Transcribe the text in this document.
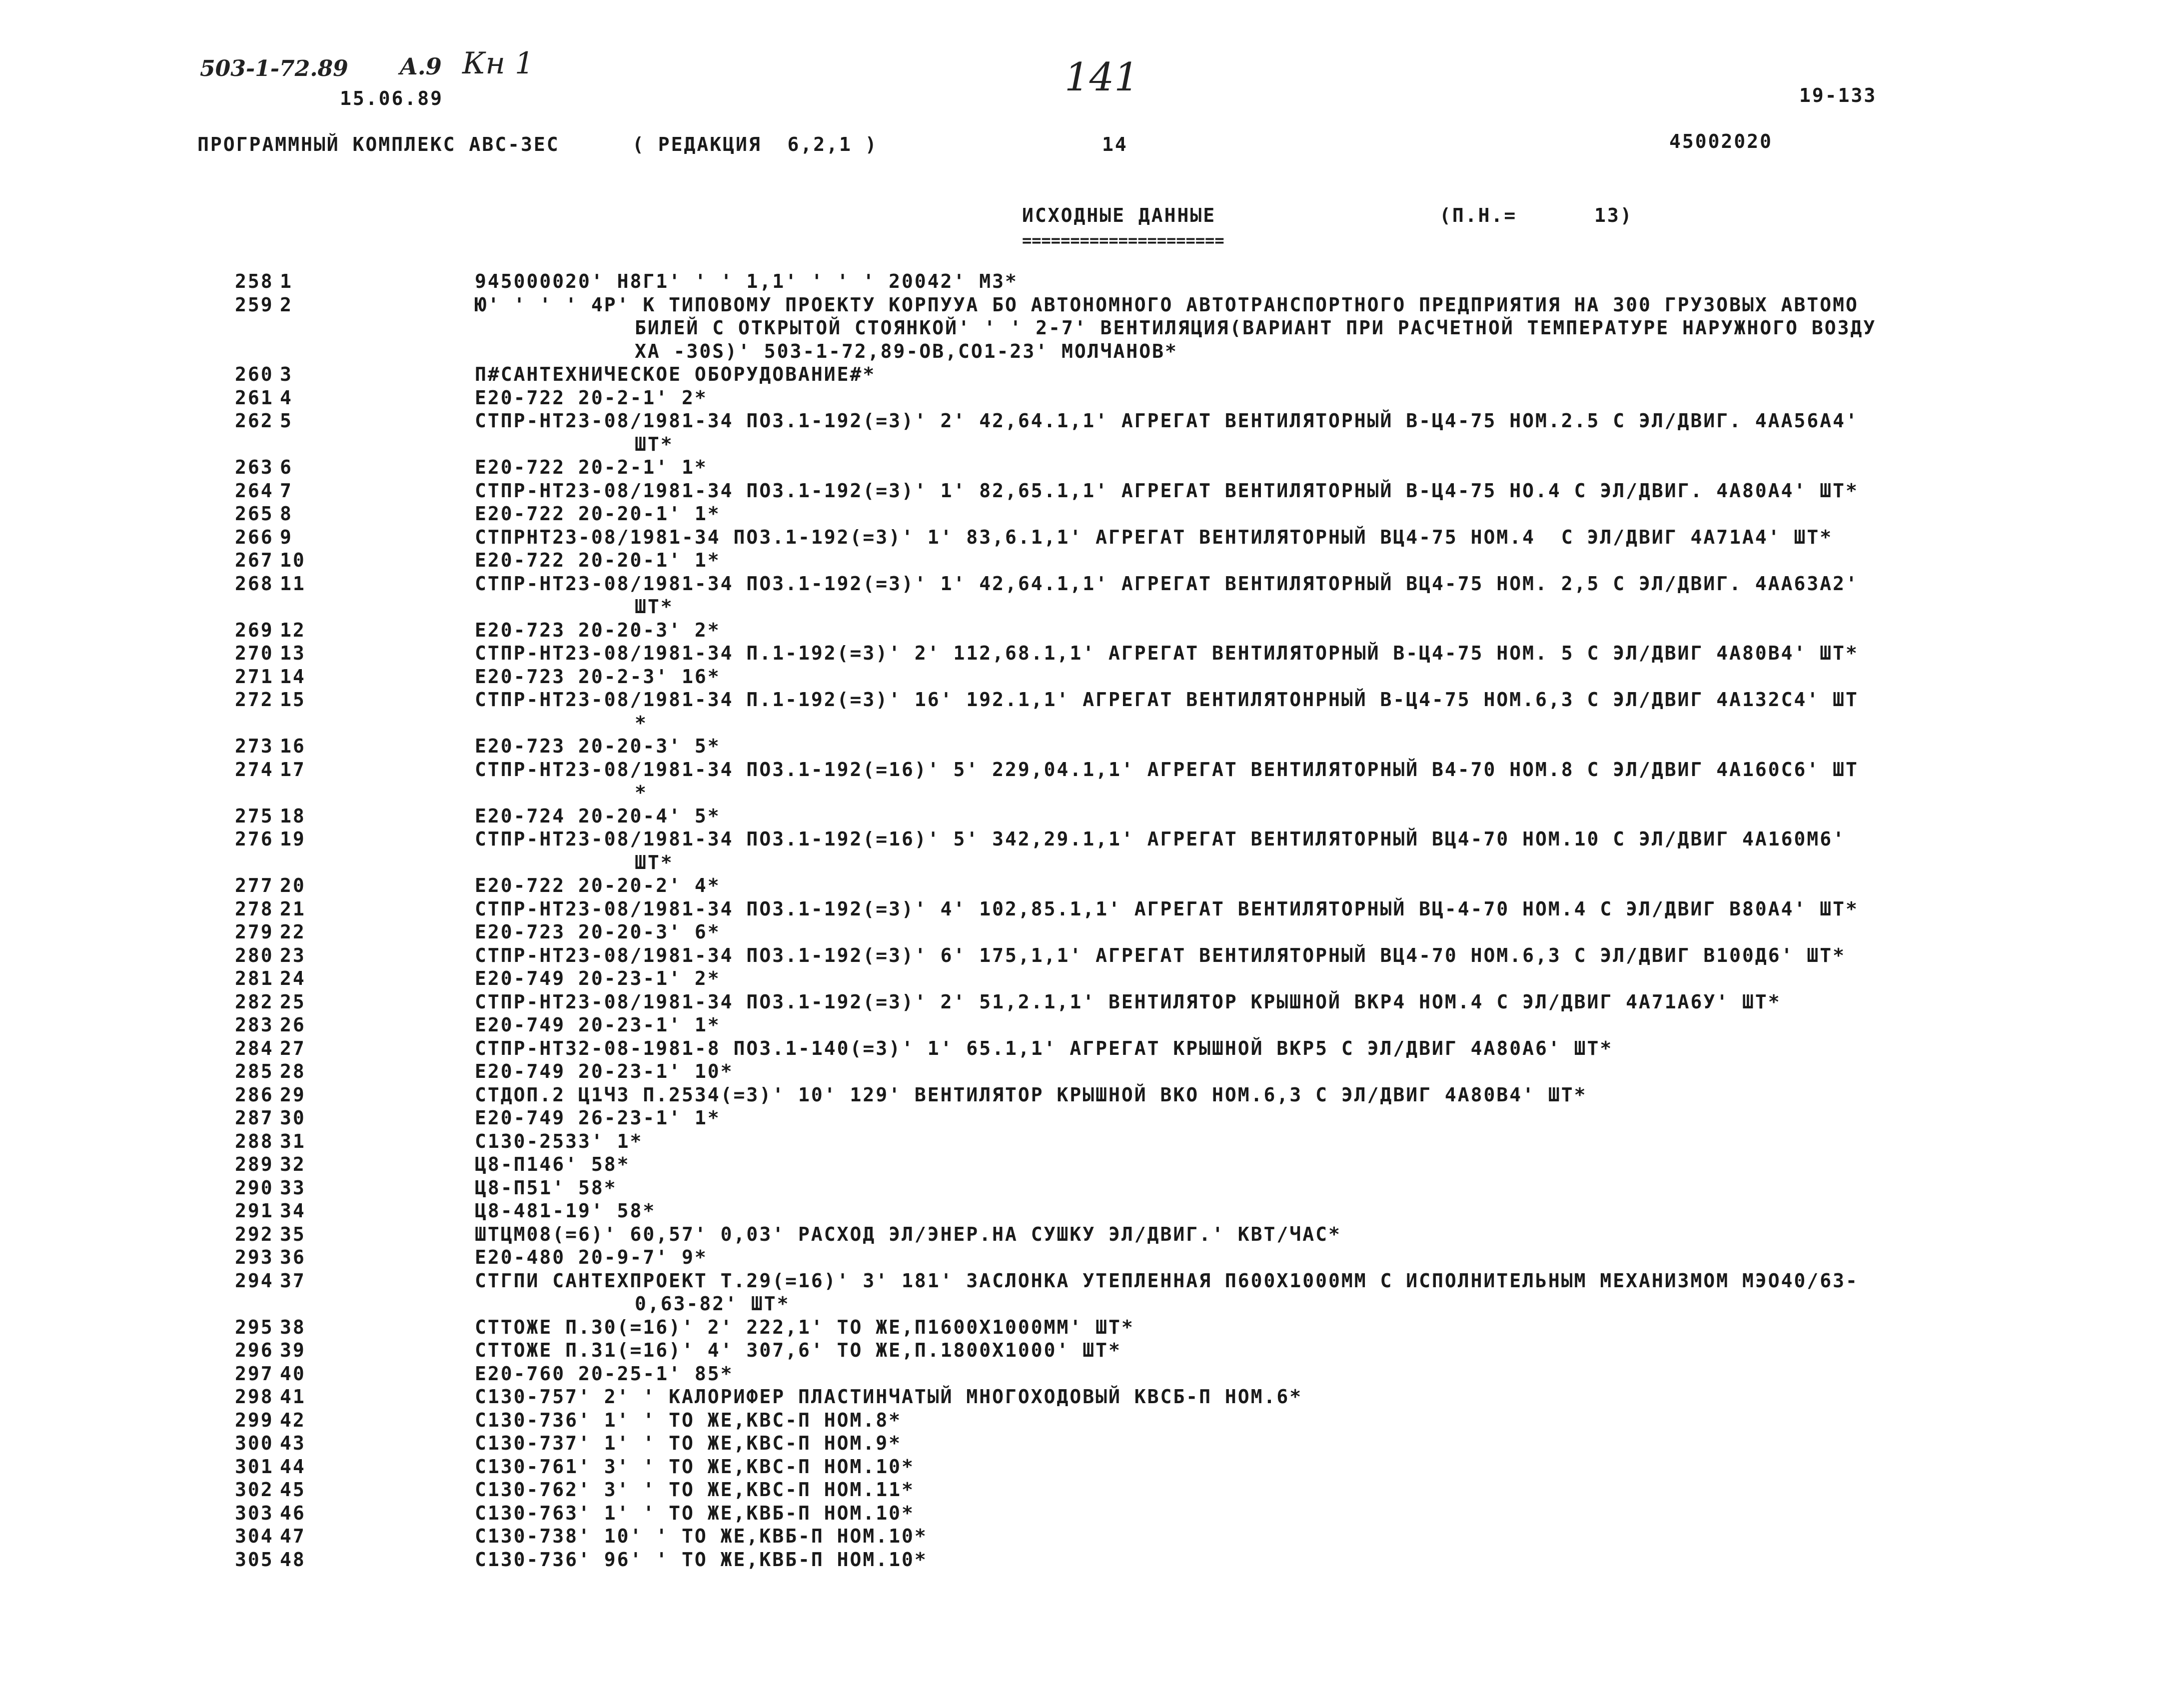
503-1-72.89 A.9 Кн 1	141
15.06.89	19-133
ПРОГРАММНЫЙ КОМПЛЕКС АВС-3ЕС	( РЕДАКЦИЯ  6,2,1 )	14	45002020
ИСХОДНЫЕ ДАННЫЕ
=====================
(П.Н.=	13)
258 1	945000020' Н8Г1' ' ' 1,1' ' ' ' 20042' М3*
259 2	Ю' ' ' ' 4Р' К ТИПОВОМУ ПРОЕКТУ КОРПУУА БО АВТОНОМНОГО АВТОТРАНСПОРТНОГО ПРЕДПРИЯТИЯ НА 300 ГРУЗОВЫХ АВТОМО
БИЛЕЙ С ОТКРЫТОЙ СТОЯНКОЙ' ' ' 2-7' ВЕНТИЛЯЦИЯ(ВАРИАНТ ПРИ РАСЧЕТНОЙ ТЕМПЕРАТУРЕ НАРУЖНОГО ВОЗДУ
ХА -30Ѕ)' 503-1-72,89-ОВ,СО1-23' МОЛЧАНОВ*
260 3	П#САНТЕХНИЧЕСКОЕ ОБОРУДОВАНИЕ#*
261 4	Е20-722 20-2-1' 2*
262 5	СТПР-НТ23-08/1981-34 ПО3.1-192(=3)' 2' 42,64.1,1' АГРЕГАТ ВЕНТИЛЯТОРНЫЙ В-Ц4-75 НОМ.2.5 С ЭЛ/ДВИГ. 4АА56А4'
ШТ*
263 6	Е20-722 20-2-1' 1*
264 7	СТПР-НТ23-08/1981-34 ПО3.1-192(=3)' 1' 82,65.1,1' АГРЕГАТ ВЕНТИЛЯТОРНЫЙ В-Ц4-75 НО.4 С ЭЛ/ДВИГ. 4А80А4' ШТ*
265 8	Е20-722 20-20-1' 1*
266 9	СТПРНТ23-08/1981-34 ПО3.1-192(=3)' 1' 83,6.1,1' АГРЕГАТ ВЕНТИЛЯТОРНЫЙ ВЦ4-75 НОМ.4  С ЭЛ/ДВИГ 4А71А4' ШТ*
267 10	Е20-722 20-20-1' 1*
268 11	СТПР-НТ23-08/1981-34 ПО3.1-192(=3)' 1' 42,64.1,1' АГРЕГАТ ВЕНТИЛЯТОРНЫЙ ВЦ4-75 НОМ. 2,5 С ЭЛ/ДВИГ. 4АА63А2'
ШТ*
269 12	Е20-723 20-20-3' 2*
270 13	СТПР-НТ23-08/1981-34 П.1-192(=3)' 2' 112,68.1,1' АГРЕГАТ ВЕНТИЛЯТОРНЫЙ В-Ц4-75 НОМ. 5 С ЭЛ/ДВИГ 4А80В4' ШТ*
271 14	Е20-723 20-2-3' 16*
272 15	СТПР-НТ23-08/1981-34 П.1-192(=3)' 16' 192.1,1' АГРЕГАТ ВЕНТИЛЯТОНРНЫЙ В-Ц4-75 НОМ.6,3 С ЭЛ/ДВИГ 4А132С4' ШТ
*
273 16	Е20-723 20-20-3' 5*
274 17	СТПР-НТ23-08/1981-34 ПО3.1-192(=16)' 5' 229,04.1,1' АГРЕГАТ ВЕНТИЛЯТОРНЫЙ В4-70 НОМ.8 С ЭЛ/ДВИГ 4А160С6' ШТ
*
275 18	Е20-724 20-20-4' 5*
276 19	СТПР-НТ23-08/1981-34 ПО3.1-192(=16)' 5' 342,29.1,1' АГРЕГАТ ВЕНТИЛЯТОРНЫЙ ВЦ4-70 НОМ.10 С ЭЛ/ДВИГ 4А160М6'
ШТ*
277 20	Е20-722 20-20-2' 4*
278 21	СТПР-НТ23-08/1981-34 ПО3.1-192(=3)' 4' 102,85.1,1' АГРЕГАТ ВЕНТИЛЯТОРНЫЙ ВЦ-4-70 НОМ.4 С ЭЛ/ДВИГ В80А4' ШТ*
279 22	Е20-723 20-20-3' 6*
280 23	СТПР-НТ23-08/1981-34 ПО3.1-192(=3)' 6' 175,1,1' АГРЕГАТ ВЕНТИЛЯТОРНЫЙ ВЦ4-70 НОМ.6,3 С ЭЛ/ДВИГ В100Д6' ШТ*
281 24	Е20-749 20-23-1' 2*
282 25	СТПР-НТ23-08/1981-34 ПО3.1-192(=3)' 2' 51,2.1,1' ВЕНТИЛЯТОР КРЫШНОЙ ВКР4 НОМ.4 С ЭЛ/ДВИГ 4А71А6У' ШТ*
283 26	Е20-749 20-23-1' 1*
284 27	СТПР-НТ32-08-1981-8 ПО3.1-140(=3)' 1' 65.1,1' АГРЕГАТ КРЫШНОЙ ВКР5 С ЭЛ/ДВИГ 4А80А6' ШТ*
285 28	Е20-749 20-23-1' 10*
286 29	СТДОП.2 Ц1Ч3 П.2534(=3)' 10' 129' ВЕНТИЛЯТОР КРЫШНОЙ ВКО НОМ.6,3 С ЭЛ/ДВИГ 4А80В4' ШТ*
287 30	Е20-749 26-23-1' 1*
288 31	С130-2533' 1*
289 32	Ц8-П146' 58*
290 33	Ц8-П51' 58*
291 34	Ц8-481-19' 58*
292 35	ШТЦМ08(=6)' 60,57' 0,03' РАСХОД ЭЛ/ЭНЕР.НА СУШКУ ЭЛ/ДВИГ.' КВТ/ЧАС*
293 36	Е20-480 20-9-7' 9*
294 37	СТГПИ САНТЕХПРОЕКТ Т.29(=16)' 3' 181' ЗАСЛОНКА УТЕПЛЕННАЯ П600Х1000ММ С ИСПОЛНИТЕЛЬНЫМ МЕХАНИЗМОМ МЭО40/63-
0,63-82' ШТ*
295 38	СТТОЖЕ П.30(=16)' 2' 222,1' ТО ЖЕ,П1600Х1000ММ' ШТ*
296 39	СТТОЖЕ П.31(=16)' 4' 307,6' ТО ЖЕ,П.1800Х1000' ШТ*
297 40	Е20-760 20-25-1' 85*
298 41	С130-757' 2' ' КАЛОРИФЕР ПЛАСТИНЧАТЫЙ МНОГОХОДОВЫЙ КВСБ-П НОМ.6*
299 42	С130-736' 1' ' ТО ЖЕ,КВС-П НОМ.8*
300 43	С130-737' 1' ' ТО ЖЕ,КВС-П НОМ.9*
301 44	С130-761' 3' ' ТО ЖЕ,КВС-П НОМ.10*
302 45	С130-762' 3' ' ТО ЖЕ,КВС-П НОМ.11*
303 46	С130-763' 1' ' ТО ЖЕ,КВБ-П НОМ.10*
304 47	С130-738' 10' ' ТО ЖЕ,КВБ-П НОМ.10*
305 48	С130-736' 96' ' ТО ЖЕ,КВБ-П НОМ.10*
